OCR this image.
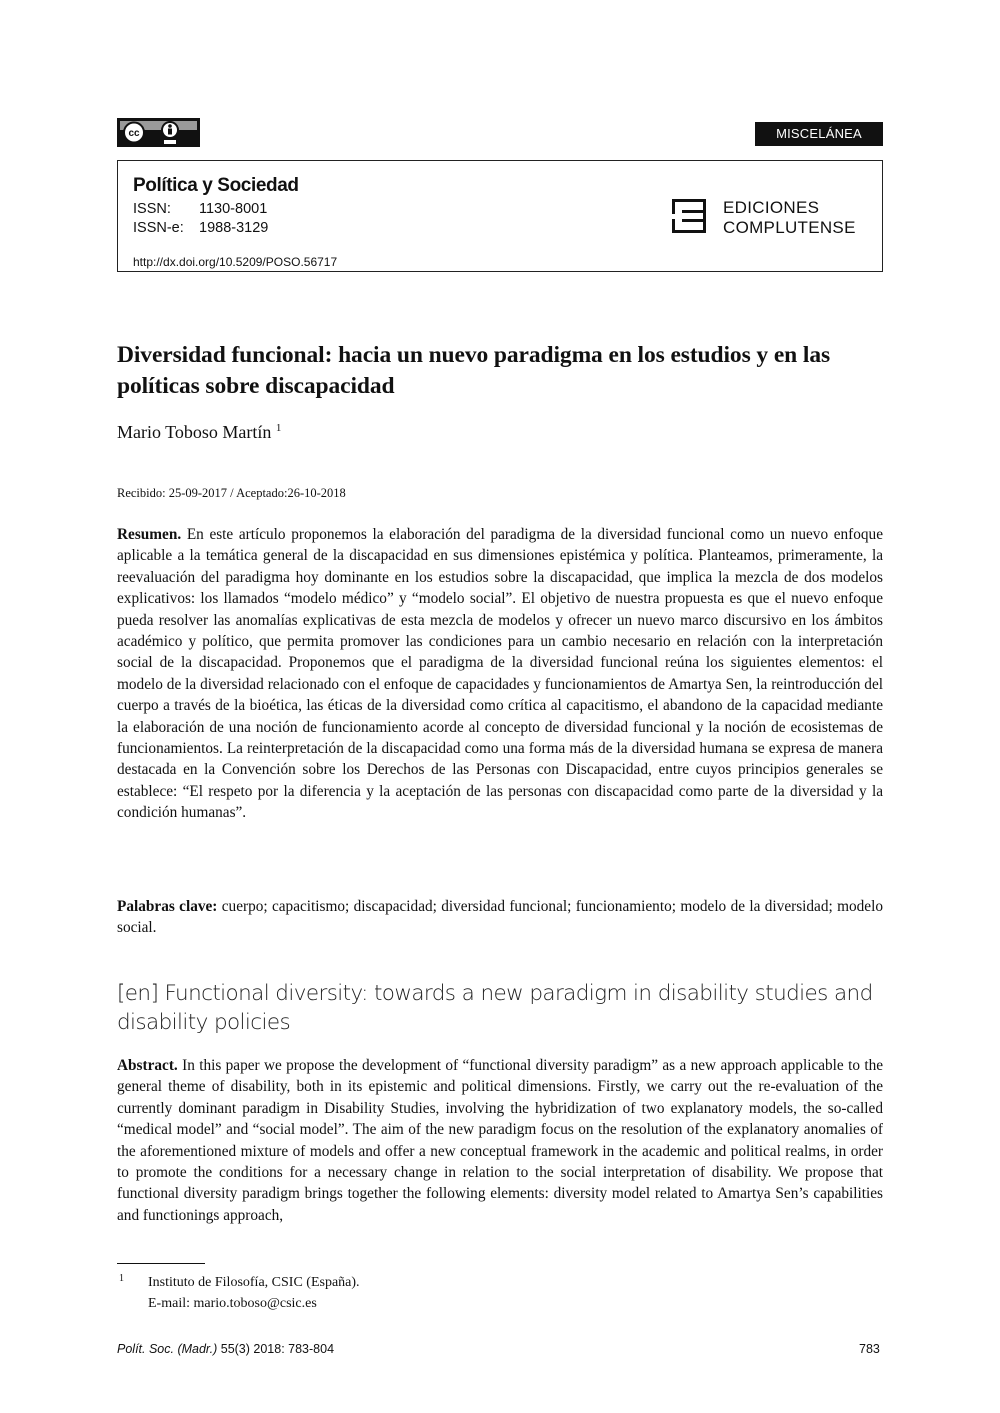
cc	MISCELÁNEA
Política y Sociedad
ISSN: 1130-8001
ISSN-e: 1988-3129
http://dx.doi.org/10.5209/POSO.56717
EDICIONES
COMPLUTENSE
Diversidad funcional: hacia un nuevo paradigma en los estudios y en las políticas sobre discapacidad
Mario Toboso Martín $^1$
Recibido: 25-09-2017 / Aceptado:26-10-2018
Resumen. En este artículo proponemos la elaboración del paradigma de la diversidad funcional como un nuevo enfoque aplicable a la temática general de la discapacidad en sus dimensiones epistémica y política. Planteamos, primeramente, la reevaluación del paradigma hoy dominante en los estudios sobre la discapacidad, que implica la mezcla de dos modelos explicativos: los llamados “modelo médico” y “modelo social”. El objetivo de nuestra propuesta es que el nuevo enfoque pueda resolver las anomalías explicativas de esta mezcla de modelos y ofrecer un nuevo marco discursivo en los ámbitos académico y político, que permita promover las condiciones para un cambio necesario en relación con la interpretación social de la discapacidad. Proponemos que el paradigma de la diversidad funcional reúna los siguientes elementos: el modelo de la diversidad relacionado con el enfoque de capacidades y funcionamientos de Amartya Sen, la reintroducción del cuerpo a través de la bioética, las éticas de la diversidad como crítica al capacitismo, el abandono de la capacidad mediante la elaboración de una noción de funcionamiento acorde al concepto de diversidad funcional y la noción de ecosistemas de funcionamientos. La reinterpretación de la discapacidad como una forma más de la diversidad humana se expresa de manera destacada en la Convención sobre los Derechos de las Personas con Discapacidad, entre cuyos principios generales se establece: “El respeto por la diferencia y la aceptación de las personas con discapacidad como parte de la diversidad y la condición humanas”.
Palabras clave: cuerpo; capacitismo; discapacidad; diversidad funcional; funcionamiento; modelo de la diversidad; modelo social.
[en] Functional diversity: towards a new paradigm in disability studies and disability policies
Abstract. In this paper we propose the development of “functional diversity paradigm” as a new approach applicable to the general theme of disability, both in its epistemic and political dimensions. Firstly, we carry out the re-evaluation of the currently dominant paradigm in Disability Studies, involving the hybridization of two explanatory models, the so-called “medical model” and “social model”. The aim of the new paradigm focus on the resolution of the explanatory anomalies of the aforementioned mixture of models and offer a new conceptual framework in the academic and political realms, in order to promote the conditions for a necessary change in relation to the social interpretation of disability. We propose that functional diversity paradigm brings together the following elements: diversity model related to Amartya Sen’s capabilities and functionings approach,
1 Instituto de Filosofía, CSIC (España).
E-mail: mario.toboso@csic.es
Polít. Soc. (Madr.) 55(3) 2018: 783-804	783
